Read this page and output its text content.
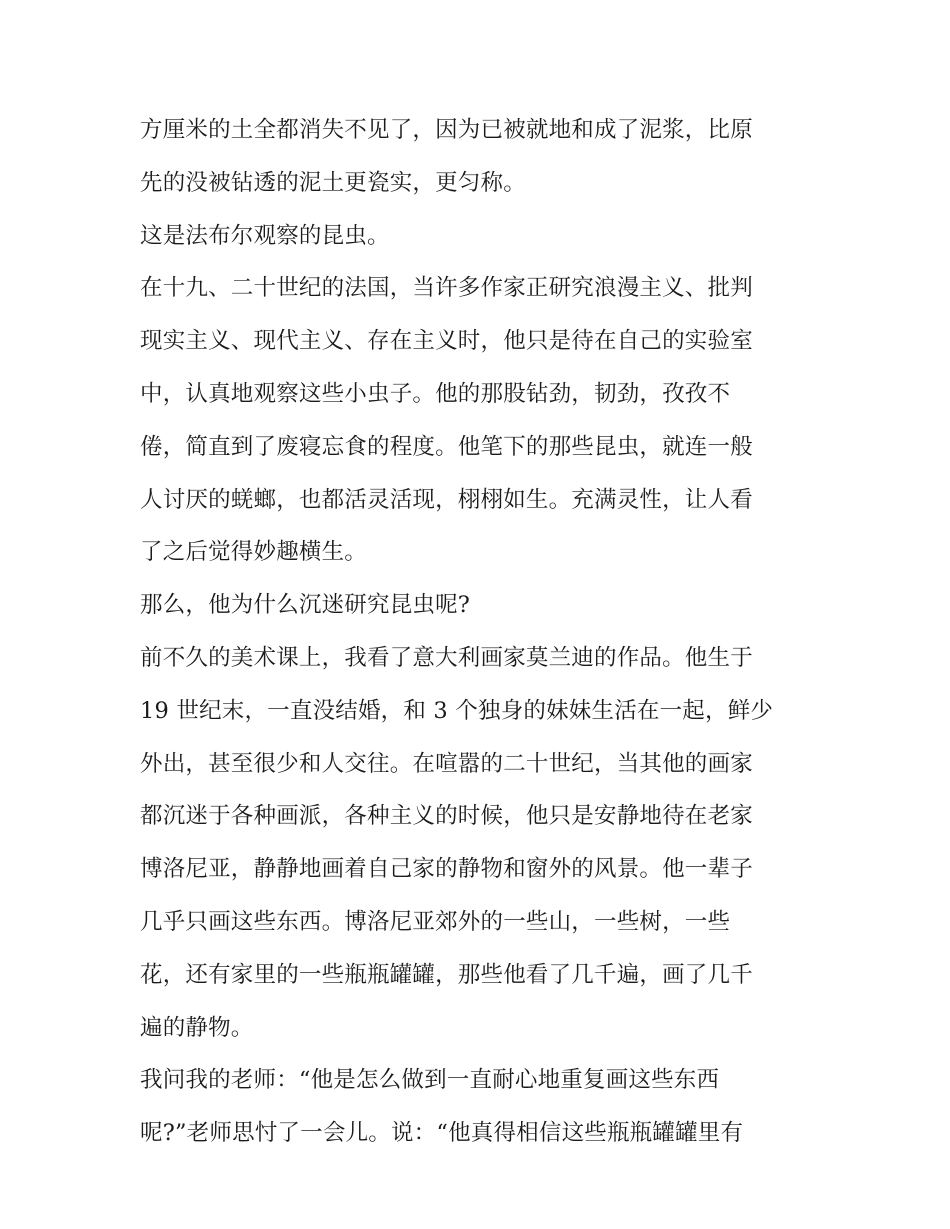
方厘米的土全都消失不见了，因为已被就地和成了泥浆，比原
先的没被钻透的泥土更瓷实，更匀称。
这是法布尔观察的昆虫。
在十九、二十世纪的法国，当许多作家正研究浪漫主义、批判
现实主义、现代主义、存在主义时，他只是待在自己的实验室
中，认真地观察这些小虫子。他的那股钻劲，韧劲，孜孜不
倦，简直到了废寝忘食的程度。他笔下的那些昆虫，就连一般
人讨厌的蜣螂，也都活灵活现，栩栩如生。充满灵性，让人看
了之后觉得妙趣横生。
那么，他为什么沉迷研究昆虫呢?
前不久的美术课上，我看了意大利画家莫兰迪的作品。他生于
19 世纪末，一直没结婚，和 3 个独身的妹妹生活在一起，鲜少
外出，甚至很少和人交往。在喧嚣的二十世纪，当其他的画家
都沉迷于各种画派，各种主义的时候，他只是安静地待在老家
博洛尼亚，静静地画着自己家的静物和窗外的风景。他一辈子
几乎只画这些东西。博洛尼亚郊外的一些山，一些树，一些
花，还有家里的一些瓶瓶罐罐，那些他看了几千遍，画了几千
遍的静物。
我问我的老师：“他是怎么做到一直耐心地重复画这些东西
呢?”老师思忖了一会儿。说：“他真得相信这些瓶瓶罐罐里有
